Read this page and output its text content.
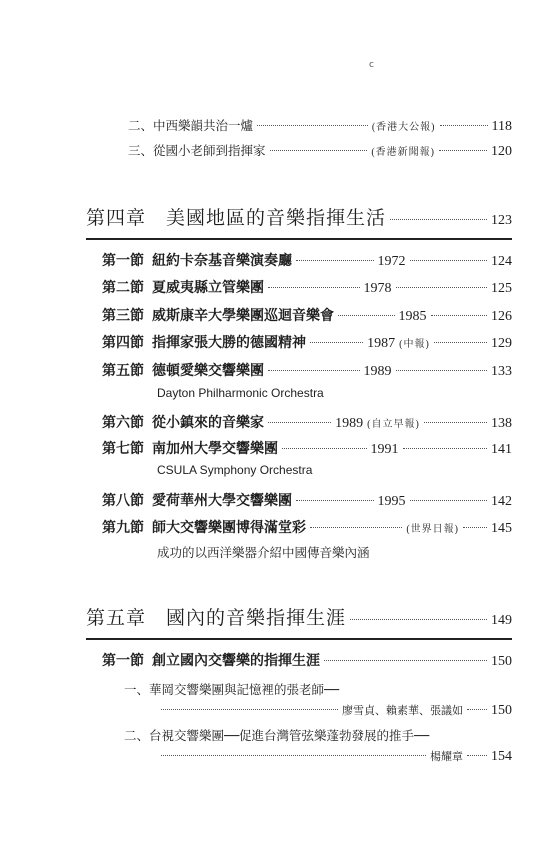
c
二、中西樂韻共治一爐	(香港大公報)	118
三、從國小老師到指揮家	(香港新聞報)	120
第四章　美國地區的音樂指揮生活	123
第一節 紐約卡奈基音樂演奏廳	1972	124
第二節 夏威夷縣立管樂團	1978	125
第三節 威斯康辛大學樂團巡迴音樂會	1985	126
第四節 指揮家張大勝的德國精神	1987 (中報)	129
第五節 德頓愛樂交響樂團	1989	133
Dayton Philharmonic Orchestra
第六節 從小鎮來的音樂家	1989 (自立早報)	138
第七節 南加州大學交響樂團	1991	141
CSULA Symphony Orchestra
第八節 愛荷華州大學交響樂團	1995	142
第九節 師大交響樂團博得滿堂彩	(世界日報) 145
成功的以西洋樂器介紹中國傳音樂內涵
第五章　國內的音樂指揮生涯	149
第一節 創立國內交響樂的指揮生涯	150
一、華岡交響樂團與記憶裡的張老師──
廖雪貞、賴素華、張議如 150
二、台視交響樂團──促進台灣管弦樂蓬勃發展的推手──
楊耀章 154
